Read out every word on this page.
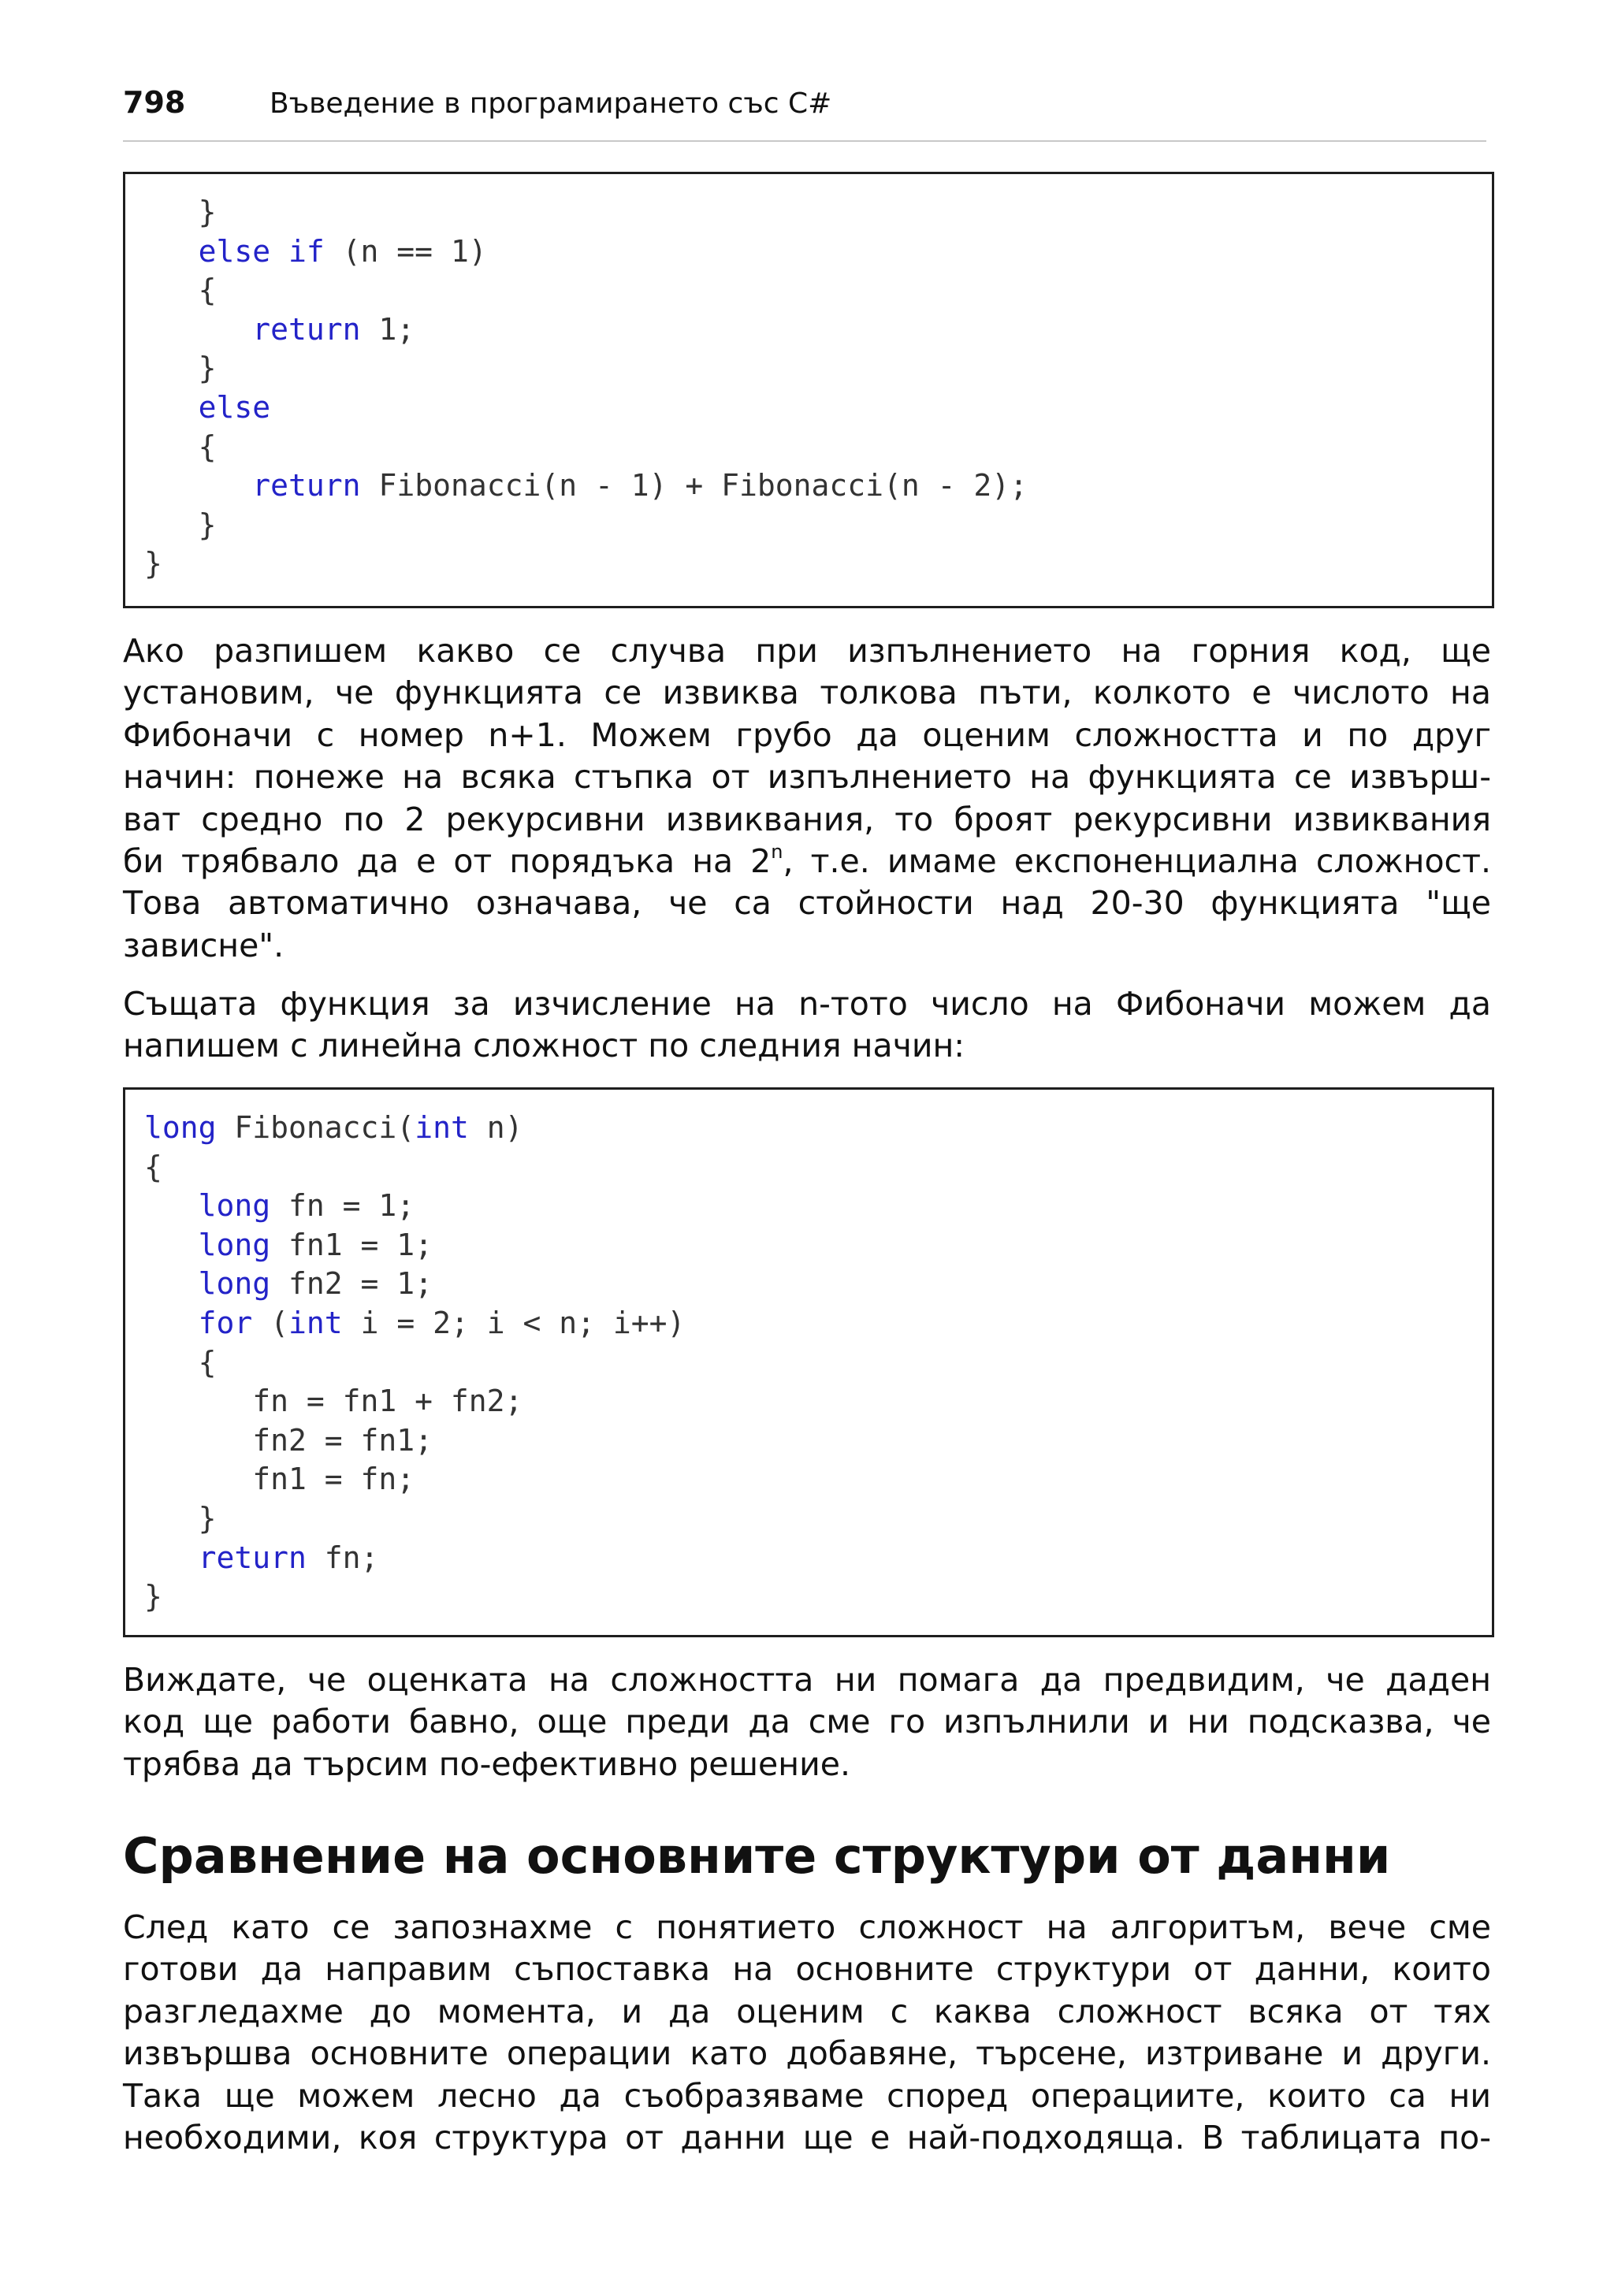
798	Въведение в програмирането със C#
}
else if (n == 1)
{
return 1;
}
else
{
return Fibonacci(n - 1) + Fibonacci(n - 2);
}
}
Ако разпишем какво се случва при изпълнението на горния код, ще
установим, че функцията се извиква толкова пъти, колкото е числото на
Фибоначи с номер n+1. Можем грубо да оценим сложността и по друг
начин: понеже на всяка стъпка от изпълнението на функцията се извърш-
ват средно по 2 рекурсивни извиквания, то броят рекурсивни извиквания
би трябвало да е от порядъка на 2$^n$, т.е. имаме експоненциална сложност.
Това автоматично означава, че са стойности над 20-30 функцията "ще
зависне".
Същата функция за изчисление на n-тото число на Фибоначи можем да
напишем с линейна сложност по следния начин:
long Fibonacci(int n)
{
long fn = 1;
long fn1 = 1;
long fn2 = 1;
for (int i = 2; i < n; i++)
{
fn = fn1 + fn2;
fn2 = fn1;
fn1 = fn;
}
return fn;
}
Виждате, че оценката на сложността ни помага да предвидим, че даден
код ще работи бавно, още преди да сме го изпълнили и ни подсказва, че
трябва да търсим по-ефективно решение.
Сравнение на основните структури от данни
След като се запознахме с понятието сложност на алгоритъм, вече сме
готови да направим съпоставка на основните структури от данни, които
разгледахме до момента, и да оценим с каква сложност всяка от тях
извършва основните операции като добавяне, търсене, изтриване и други.
Така ще можем лесно да съобразяваме според операциите, които са ни
необходими, коя структура от данни ще е най-подходяща. В таблицата по-
